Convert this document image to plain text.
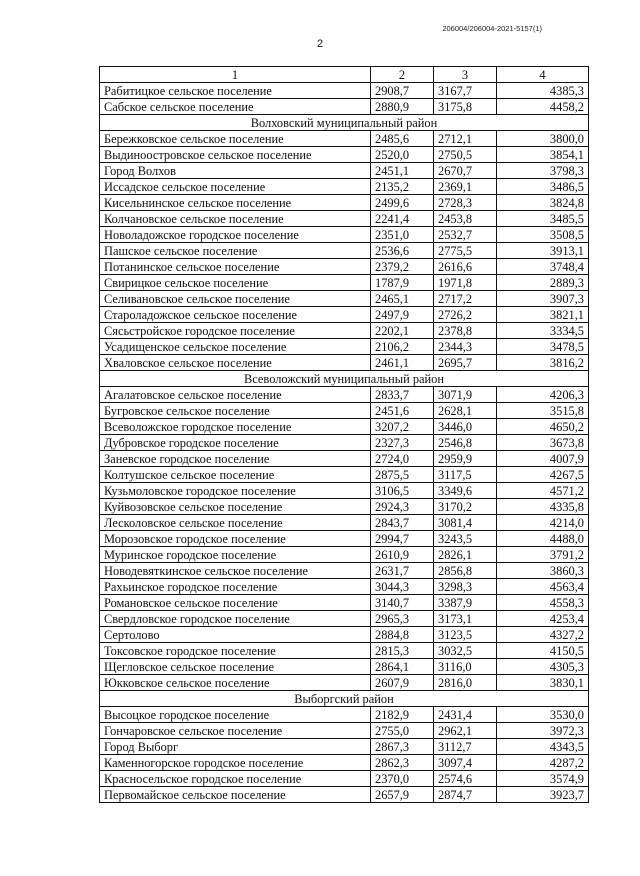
206004/206004-2021-5157(1)
2
1	2	3	4
Рабитицкое сельское поселение	2908,7	3167,7	4385,3
Сабское сельское поселение	2880,9	3175,8	4458,2
Волховский муниципальный район			
Бережковское сельское поселение	2485,6	2712,1	3800,0
Выдиноостровское сельское поселение	2520,0	2750,5	3854,1
Город Волхов	2451,1	2670,7	3798,3
Иссадское сельское поселение	2135,2	2369,1	3486,5
Кисельнинское сельское поселение	2499,6	2728,3	3824,8
Колчановское сельское поселение	2241,4	2453,8	3485,5
Новоладожское городское поселение	2351,0	2532,7	3508,5
Пашское сельское поселение	2536,6	2775,5	3913,1
Потанинское сельское поселение	2379,2	2616,6	3748,4
Свирицкое сельское поселение	1787,9	1971,8	2889,3
Селивановское сельское поселение	2465,1	2717,2	3907,3
Староладожское сельское поселение	2497,9	2726,2	3821,1
Сясьстройское городское поселение	2202,1	2378,8	3334,5
Усадищенское сельское поселение	2106,2	2344,3	3478,5
Хваловское сельское поселение	2461,1	2695,7	3816,2
Всеволожский муниципальный район			
Агалатовское сельское поселение	2833,7	3071,9	4206,3
Бугровское сельское поселение	2451,6	2628,1	3515,8
Всеволожское городское поселение	3207,2	3446,0	4650,2
Дубровское городское поселение	2327,3	2546,8	3673,8
Заневское городское поселение	2724,0	2959,9	4007,9
Колтушское сельское поселение	2875,5	3117,5	4267,5
Кузьмоловское городское поселение	3106,5	3349,6	4571,2
Куйвозовское сельское поселение	2924,3	3170,2	4335,8
Лесколовское сельское поселение	2843,7	3081,4	4214,0
Морозовское городское поселение	2994,7	3243,5	4488,0
Муринское городское поселение	2610,9	2826,1	3791,2
Новодевяткинское сельское поселение	2631,7	2856,8	3860,3
Рахьинское городское поселение	3044,3	3298,3	4563,4
Романовское сельское поселение	3140,7	3387,9	4558,3
Свердловское городское поселение	2965,3	3173,1	4253,4
Сертолово	2884,8	3123,5	4327,2
Токсовское городское поселение	2815,3	3032,5	4150,5
Щегловское сельское поселение	2864,1	3116,0	4305,3
Юкковское сельское поселение	2607,9	2816,0	3830,1
Выборгский район			
Высоцкое городское поселение	2182,9	2431,4	3530,0
Гончаровское сельское поселение	2755,0	2962,1	3972,3
Город Выборг	2867,3	3112,7	4343,5
Каменногорское городское поселение	2862,3	3097,4	4287,2
Красносельское городское поселение	2370,0	2574,6	3574,9
Первомайское сельское поселение	2657,9	2874,7	3923,7
